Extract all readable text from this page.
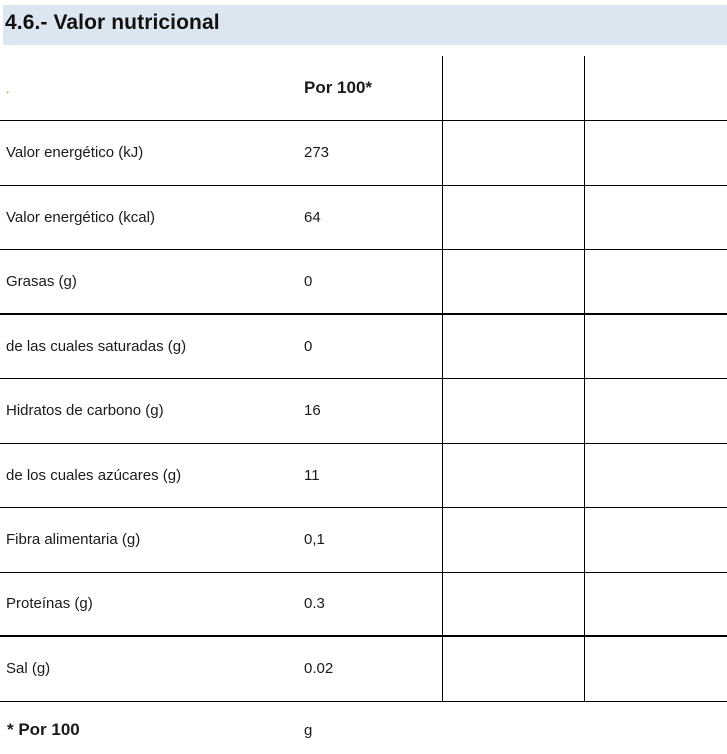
4.6.- Valor nutricional
.	Por 100*
Valor energético (kJ)	273
Valor energético (kcal)	64
Grasas (g)	0
de las cuales saturadas (g)	0
Hidratos de carbono (g)	16
de los cuales azúcares (g)	11
Fibra alimentaria (g)	0,1
Proteínas (g)	0.3
Sal (g)	0.02
* Por 100	g
